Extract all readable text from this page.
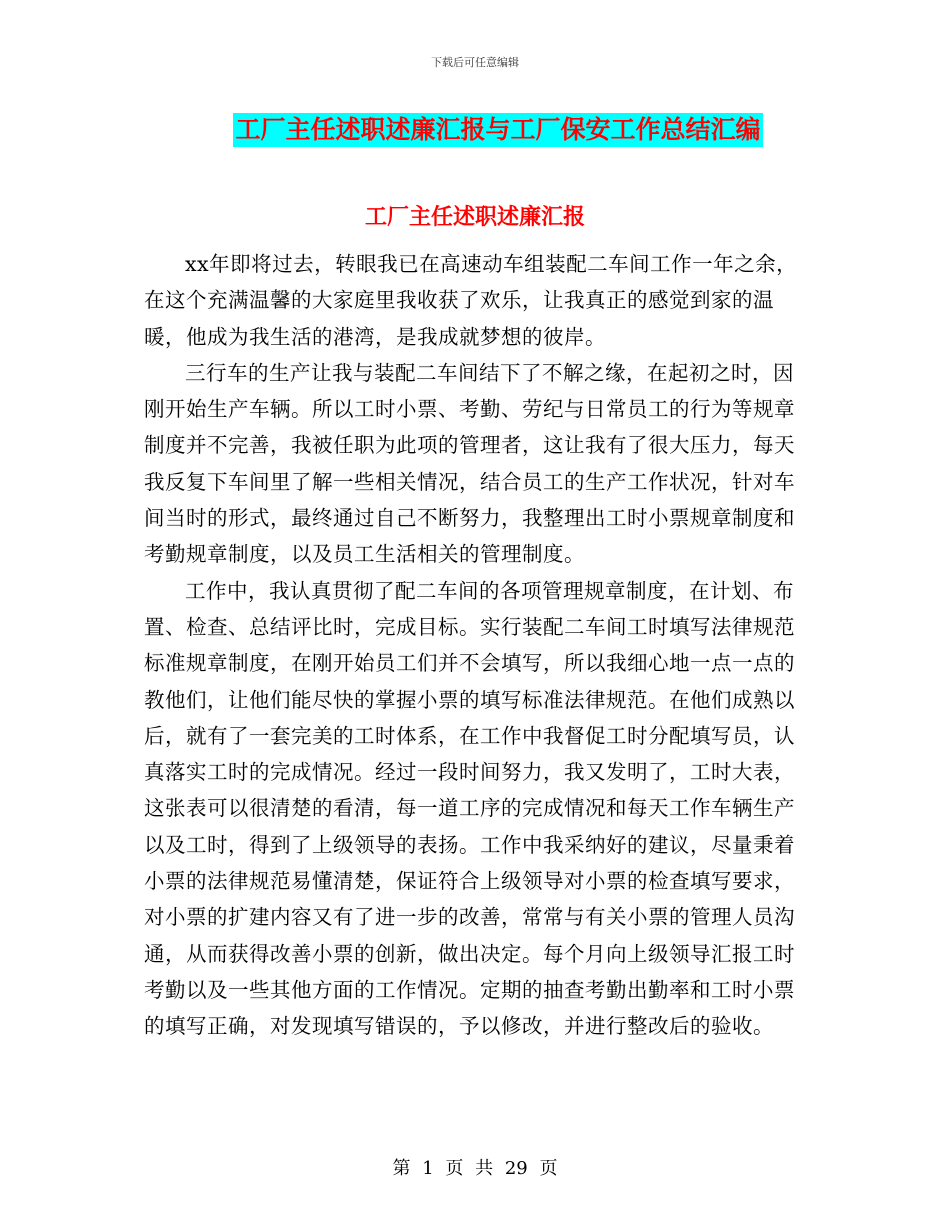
下载后可任意编辑
工厂主任述职述廉汇报与工厂保安工作总结汇编
工厂主任述职述廉汇报

xx年即将过去，转眼我已在高速动车组装配二车间工作一年之余，在这个充满温馨的大家庭里我收获了欢乐，让我真正的感觉到家的温暖，他成为我生活的港湾，是我成就梦想的彼岸。

三行车的生产让我与装配二车间结下了不解之缘，在起初之时，因刚开始生产车辆。所以工时小票、考勤、劳纪与日常员工的行为等规章制度并不完善，我被任职为此项的管理者，这让我有了很大压力，每天我反复下车间里了解一些相关情况，结合员工的生产工作状况，针对车间当时的形式，最终通过自己不断努力，我整理出工时小票规章制度和考勤规章制度，以及员工生活相关的管理制度。

工作中，我认真贯彻了配二车间的各项管理规章制度，在计划、布置、检查、总结评比时，完成目标。实行装配二车间工时填写法律规范标准规章制度，在刚开始员工们并不会填写，所以我细心地一点一点的教他们，让他们能尽快的掌握小票的填写标准法律规范。在他们成熟以后，就有了一套完美的工时体系，在工作中我督促工时分配填写员，认真落实工时的完成情况。经过一段时间努力，我又发明了，工时大表，这张表可以很清楚的看清，每一道工序的完成情况和每天工作车辆生产以及工时，得到了上级领导的表扬。工作中我采纳好的建议，尽量秉着小票的法律规范易懂清楚，保证符合上级领导对小票的检查填写要求，对小票的扩建内容又有了进一步的改善，常常与有关小票的管理人员沟通，从而获得改善小票的创新，做出决定。每个月向上级领导汇报工时考勤以及一些其他方面的工作情况。定期的抽查考勤出勤率和工时小票的填写正确，对发现填写错误的，予以修改，并进行整改后的验收。

第 1 页 共 29 页
